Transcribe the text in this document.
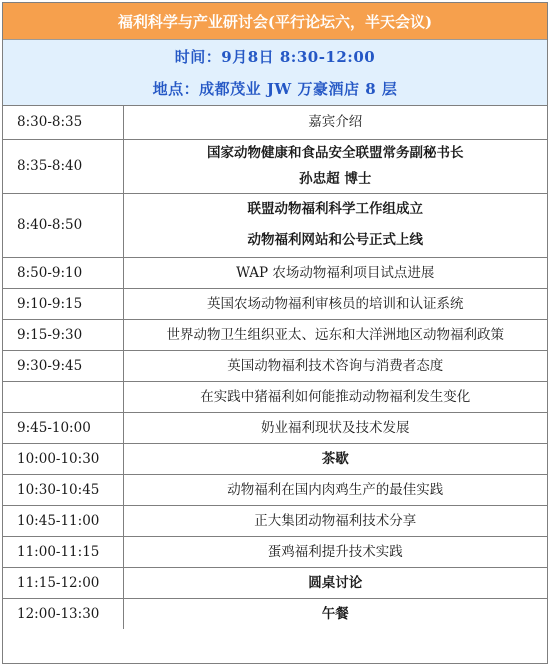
福利科学与产业研讨会(平行论坛六，半天会议)
时间：9月8日 8:30-12:00
地点：成都茂业 JW 万豪酒店 8 层
8:30-8:35	嘉宾介绍

8:35-8:40	国家动物健康和食品安全联盟常务副秘书长
孙忠超 博士

8:40-8:50	联盟动物福利科学工作组成立
动物福利网站和公号正式上线

8:50-9:10	WAP 农场动物福利项目试点进展

9:10-9:15	英国农场动物福利审核员的培训和认证系统

9:15-9:30	世界动物卫生组织亚太、远东和大洋洲地区动物福利政策

9:30-9:45	英国动物福利技术咨询与消费者态度

	在实践中猪福利如何能推动动物福利发生变化

9:45-10:00	奶业福利现状及技术发展

10:00-10:30	茶歇

10:30-10:45	动物福利在国内肉鸡生产的最佳实践

10:45-11:00	正大集团动物福利技术分享

11:00-11:15	蛋鸡福利提升技术实践

11:15-12:00	圆桌讨论

12:00-13:30	午餐
